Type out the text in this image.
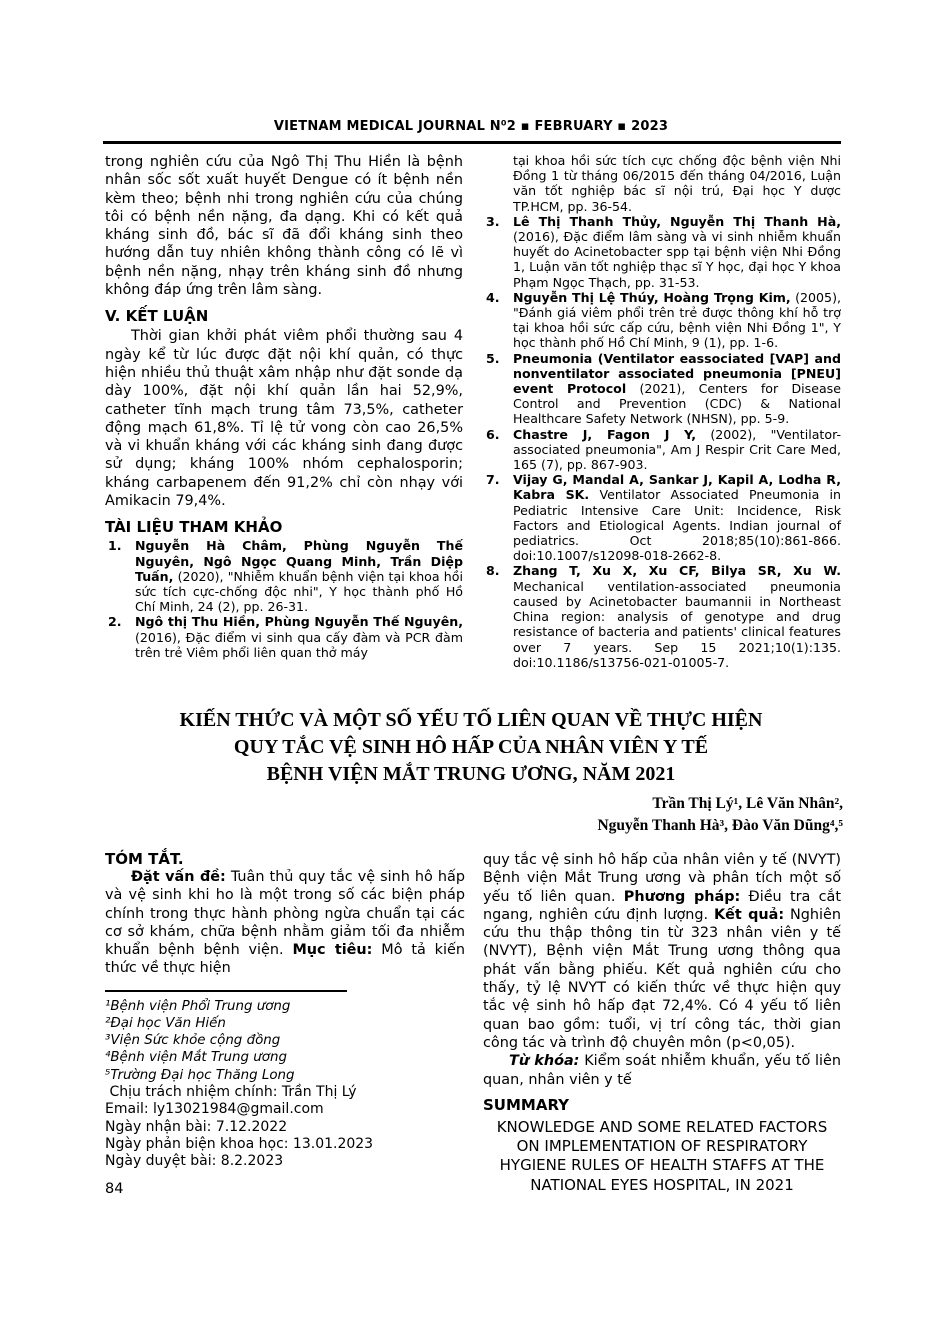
VIETNAM MEDICAL JOURNAL N⁰2 ▪ FEBRUARY ▪ 2023

trong nghiên cứu của Ngô Thị Thu Hiền là bệnh nhân sốc sốt xuất huyết Dengue có ít bệnh nền kèm theo; bệnh nhi trong nghiên cứu của chúng tôi có bệnh nền nặng, đa dạng. Khi có kết quả kháng sinh đồ, bác sĩ đã đổi kháng sinh theo hướng dẫn tuy nhiên không thành công có lẽ vì bệnh nền nặng, nhạy trên kháng sinh đồ nhưng không đáp ứng trên lâm sàng.

V. KẾT LUẬN

Thời gian khởi phát viêm phổi thường sau 4 ngày kể từ lúc được đặt nội khí quản, có thực hiện nhiều thủ thuật xâm nhập như đặt sonde dạ dày 100%, đặt nội khí quản lần hai 52,9%, catheter tĩnh mạch trung tâm 73,5%, catheter động mạch 61,8%. Tỉ lệ tử vong còn cao 26,5% và vi khuẩn kháng với các kháng sinh đang được sử dụng; kháng 100% nhóm cephalosporin; kháng carbapenem đến 91,2% chỉ còn nhạy với Amikacin 79,4%.

TÀI LIỆU THAM KHẢO
1. Nguyễn Hà Châm, Phùng Nguyễn Thế Nguyên, Ngô Ngọc Quang Minh, Trần Diệp Tuấn, (2020), "Nhiễm khuẩn bệnh viện tại khoa hồi sức tích cực-chống độc nhi", Y học thành phố Hồ Chí Minh, 24 (2), pp. 26-31.
2. Ngô thị Thu Hiền, Phùng Nguyễn Thế Nguyên, (2016), Đặc điểm vi sinh qua cấy đàm và PCR đàm trên trẻ Viêm phổi liên quan thở máy
tại khoa hồi sức tích cực chống độc bệnh viện Nhi Đồng 1 từ tháng 06/2015 đến tháng 04/2016, Luận văn tốt nghiệp bác sĩ nội trú, Đại học Y dược TP.HCM, pp. 36-54.
3. Lê Thị Thanh Thủy, Nguyễn Thị Thanh Hà, (2016), Đặc điểm lâm sàng và vi sinh nhiễm khuẩn huyết do Acinetobacter spp tại bệnh viện Nhi Đồng 1, Luận văn tốt nghiệp thạc sĩ Y học, đại học Y khoa Phạm Ngọc Thạch, pp. 31-53.
4. Nguyễn Thị Lệ Thúy, Hoàng Trọng Kim, (2005), "Đánh giá viêm phổi trên trẻ được thông khí hỗ trợ tại khoa hồi sức cấp cứu, bệnh viện Nhi Đồng 1", Y học thành phố Hồ Chí Minh, 9 (1), pp. 1-6.
5. Pneumonia (Ventilator eassociated [VAP] and nonventilator associated pneumonia [PNEU] event Protocol (2021), Centers for Disease Control and Prevention (CDC) & National Healthcare Safety Network (NHSN), pp. 5-9.
6. Chastre J, Fagon J Y, (2002), "Ventilator-associated pneumonia", Am J Respir Crit Care Med, 165 (7), pp. 867-903.
7. Vijay G, Mandal A, Sankar J, Kapil A, Lodha R, Kabra SK. Ventilator Associated Pneumonia in Pediatric Intensive Care Unit: Incidence, Risk Factors and Etiological Agents. Indian journal of pediatrics. Oct 2018;85(10):861-866. doi:10.1007/s12098-018-2662-8.
8. Zhang T, Xu X, Xu CF, Bilya SR, Xu W. Mechanical ventilation-associated pneumonia caused by Acinetobacter baumannii in Northeast China region: analysis of genotype and drug resistance of bacteria and patients' clinical features over 7 years. Sep 15 2021;10(1):135. doi:10.1186/s13756-021-01005-7.
KIẾN THỨC VÀ MỘT SỐ YẾU TỐ LIÊN QUAN VỀ THỰC HIỆN
QUY TẮC VỆ SINH HÔ HẤP CỦA NHÂN VIÊN Y TẾ
BỆNH VIỆN MẮT TRUNG ƯƠNG, NĂM 2021
Trần Thị Lý¹, Lê Văn Nhân²,
Nguyễn Thanh Hà³, Đào Văn Dũng⁴,⁵
TÓM TẮT.

Đặt vấn đề: Tuân thủ quy tắc vệ sinh hô hấp và vệ sinh khi ho là một trong số các biện pháp chính trong thực hành phòng ngừa chuẩn tại các cơ sở khám, chữa bệnh nhằm giảm tối đa nhiễm khuẩn bệnh bệnh viện. Mục tiêu: Mô tả kiến thức về thực hiện

¹Bệnh viện Phổi Trung ương
²Đại học Văn Hiến
³Viện Sức khỏe cộng đồng
⁴Bệnh viện Mắt Trung ương
⁵Trường Đại học Thăng Long
Chịu trách nhiệm chính: Trần Thị Lý
Email: ly13021984@gmail.com
Ngày nhận bài: 7.12.2022
Ngày phản biện khoa học: 13.01.2023
Ngày duyệt bài: 8.2.2023

quy tắc vệ sinh hô hấp của nhân viên y tế (NVYT) Bệnh viện Mắt Trung ương và phân tích một số yếu tố liên quan. Phương pháp: Điều tra cắt ngang, nghiên cứu định lượng. Kết quả: Nghiên cứu thu thập thông tin từ 323 nhân viên y tế (NVYT), Bệnh viện Mắt Trung ương thông qua phát vấn bằng phiếu. Kết quả nghiên cứu cho thấy, tỷ lệ NVYT có kiến thức về thực hiện quy tắc vệ sinh hô hấp đạt 72,4%. Có 4 yếu tố liên quan bao gồm: tuổi, vị trí công tác, thời gian công tác và trình độ chuyên môn (p<0,05).

Từ khóa: Kiểm soát nhiễm khuẩn, yếu tố liên quan, nhân viên y tế

SUMMARY
KNOWLEDGE AND SOME RELATED FACTORS ON IMPLEMENTATION OF RESPIRATORY HYGIENE RULES OF HEALTH STAFFS AT THE NATIONAL EYES HOSPITAL, IN 2021
84
